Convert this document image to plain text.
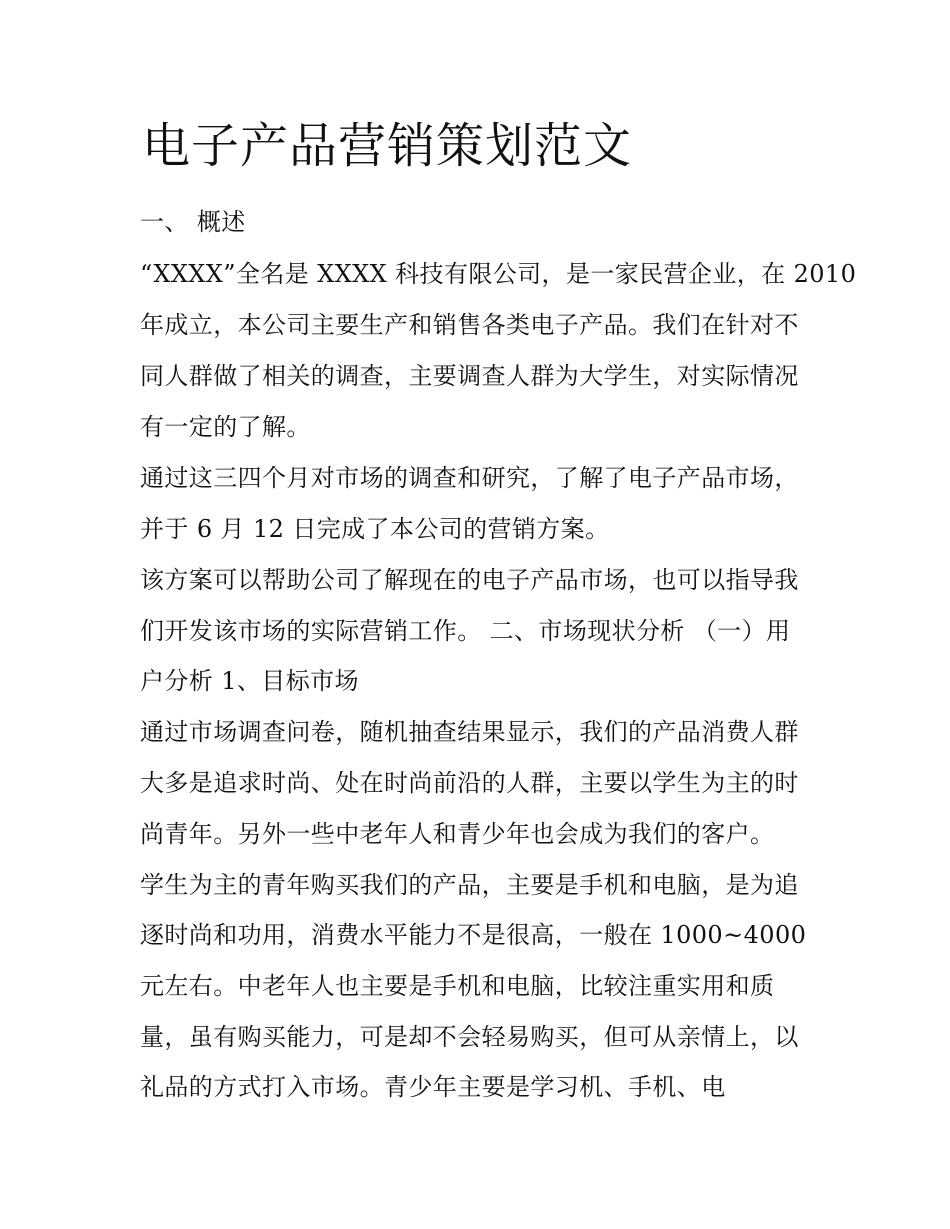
电子产品营销策划范文

一、 概述

“XXXX”全名是 XXXX 科技有限公司，是一家民营企业，在 2010

年成立，本公司主要生产和销售各类电子产品。我们在针对不

同人群做了相关的调查，主要调查人群为大学生，对实际情况

有一定的了解。

通过这三四个月对市场的调查和研究，了解了电子产品市场，

并于 6 月 12 日完成了本公司的营销方案。

该方案可以帮助公司了解现在的电子产品市场，也可以指导我

们开发该市场的实际营销工作。 二、市场现状分析 （一）用

户分析 1、目标市场

通过市场调查问卷，随机抽查结果显示，我们的产品消费人群

大多是追求时尚、处在时尚前沿的人群，主要以学生为主的时

尚青年。另外一些中老年人和青少年也会成为我们的客户。

学生为主的青年购买我们的产品，主要是手机和电脑，是为追

逐时尚和功用，消费水平能力不是很高，一般在 1000~4000

元左右。中老年人也主要是手机和电脑，比较注重实用和质

量，虽有购买能力，可是却不会轻易购买，但可从亲情上，以

礼品的方式打入市场。青少年主要是学习机、手机、电
